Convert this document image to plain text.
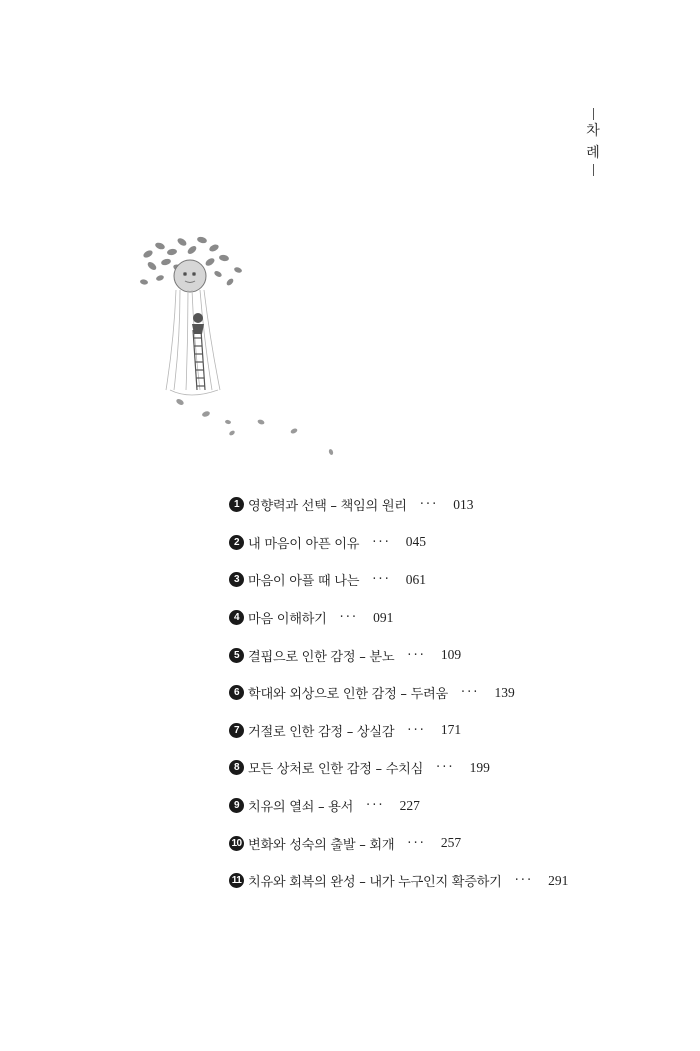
차
례
1 영향력과 선택 – 책임의 원리 ··· 013
2 내 마음이 아픈 이유 ··· 045
3 마음이 아플 때 나는 ··· 061
4 마음 이해하기 ··· 091
5 결핍으로 인한 감정 – 분노 ··· 109
6 학대와 외상으로 인한 감정 – 두려움 ··· 139
7 거절로 인한 감정 – 상실감 ··· 171
8 모든 상처로 인한 감정 – 수치심 ··· 199
9 치유의 열쇠 – 용서 ··· 227
10 변화와 성숙의 출발 – 회개 ··· 257
11 치유와 회복의 완성 – 내가 누구인지 확증하기 ··· 291
